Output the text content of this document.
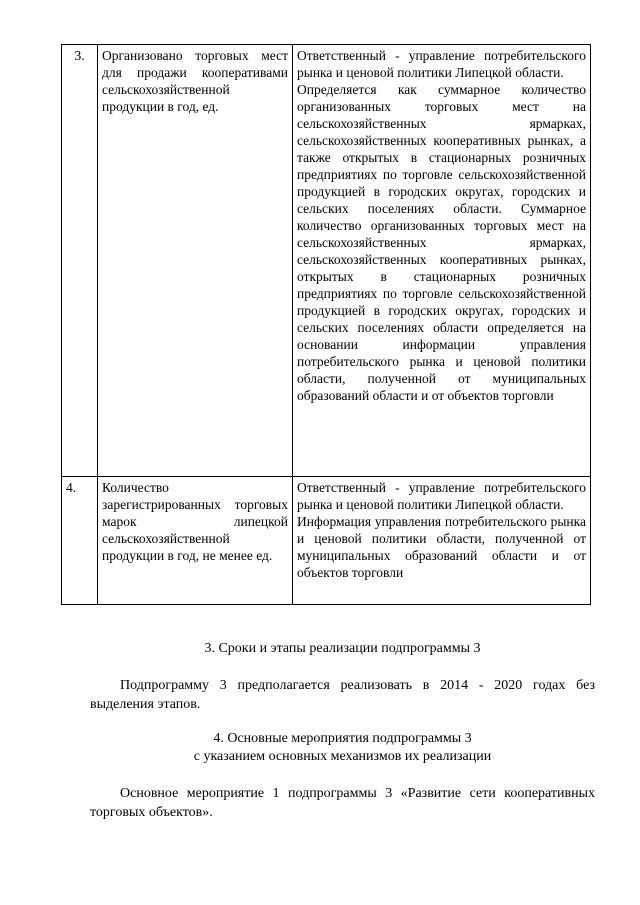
3.	Организовано торговых мест для продажи кооперативами сельскохозяйственной продукции в год, ед.	Ответственный - управление потребительского рынка и ценовой политики Липецкой области.

Определяется как суммарное количество организованных торговых мест на сельскохозяйственных ярмарках, сельскохозяйственных кооперативных рынках, а также открытых в стационарных розничных предприятиях по торговле сельскохозяйственной продукцией в городских округах, городских и сельских поселениях области. Суммарное количество организованных торговых мест на сельскохозяйственных ярмарках, сельскохозяйственных кооперативных рынках, открытых в стационарных розничных предприятиях по торговле сельскохозяйственной продукцией в городских округах, городских и сельских поселениях области определяется на основании информации управления потребительского рынка и ценовой политики области, полученной от муниципальных образований области и от объектов торговли

4.	Количество зарегистрированных торговых марок липецкой сельскохозяйственной продукции в год, не менее ед.	Ответственный - управление потребительского рынка и ценовой политики Липецкой области.

Информация управления потребительского рынка и ценовой политики области, полученной от муниципальных образований области и от объектов торговли

3. Сроки и этапы реализации подпрограммы 3

Подпрограмму 3 предполагается реализовать в 2014 - 2020 годах без выделения этапов.

4. Основные мероприятия подпрограммы 3

с указанием основных механизмов их реализации

Основное мероприятие 1 подпрограммы 3 «Развитие сети кооперативных торговых объектов».
